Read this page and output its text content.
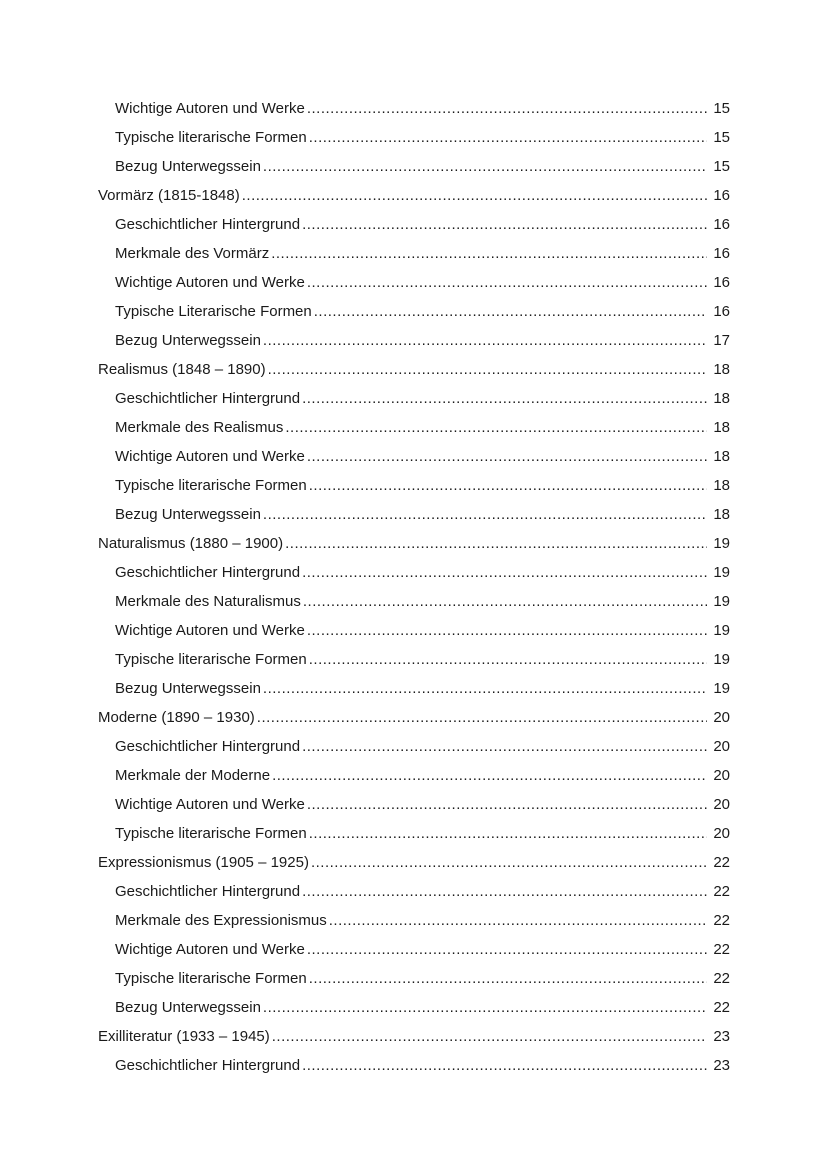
Wichtige Autoren und Werke .....	15
Typische literarische Formen .....	15
Bezug Unterwegssein .....	15
Vormärz (1815-1848) .....	16
Geschichtlicher Hintergrund .....	16
Merkmale des Vormärz .....	16
Wichtige Autoren und Werke .....	16
Typische Literarische Formen .....	16
Bezug Unterwegssein .....	17
Realismus (1848 – 1890) .....	18
Geschichtlicher Hintergrund .....	18
Merkmale des Realismus .....	18
Wichtige Autoren und Werke .....	18
Typische literarische Formen .....	18
Bezug Unterwegssein .....	18
Naturalismus (1880 – 1900) .....	19
Geschichtlicher Hintergrund .....	19
Merkmale des Naturalismus .....	19
Wichtige Autoren und Werke .....	19
Typische literarische Formen .....	19
Bezug Unterwegssein .....	19
Moderne (1890 – 1930) .....	20
Geschichtlicher Hintergrund .....	20
Merkmale der Moderne .....	20
Wichtige Autoren und Werke .....	20
Typische literarische Formen .....	20
Expressionismus (1905 – 1925) .....	22
Geschichtlicher Hintergrund .....	22
Merkmale des Expressionismus .....	22
Wichtige Autoren und Werke .....	22
Typische literarische Formen .....	22
Bezug Unterwegssein .....	22
Exilliteratur (1933 – 1945) .....	23
Geschichtlicher Hintergrund .....	23
